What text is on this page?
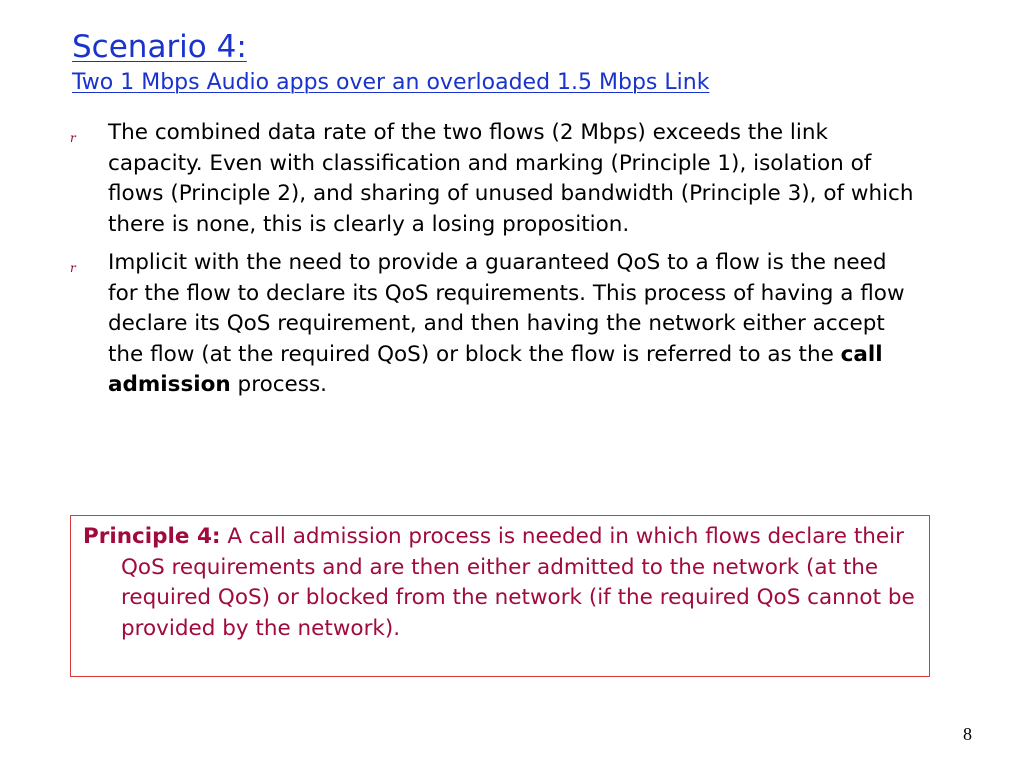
Scenario 4:
Two 1 Mbps Audio apps over an overloaded 1.5 Mbps Link
r The combined data rate of the two flows (2 Mbps) exceeds the link capacity. Even with classification and marking (Principle 1), isolation of flows (Principle 2), and sharing of unused bandwidth (Principle 3), of which there is none, this is clearly a losing proposition.
r Implicit with the need to provide a guaranteed QoS to a flow is the need for the flow to declare its QoS requirements. This process of having a flow declare its QoS requirement, and then having the network either accept the flow (at the required QoS) or block the flow is referred to as the call admission process.
Principle 4: A call admission process is needed in which flows declare their QoS requirements and are then either admitted to the network (at the required QoS) or blocked from the network (if the required QoS cannot be provided by the network).
8
